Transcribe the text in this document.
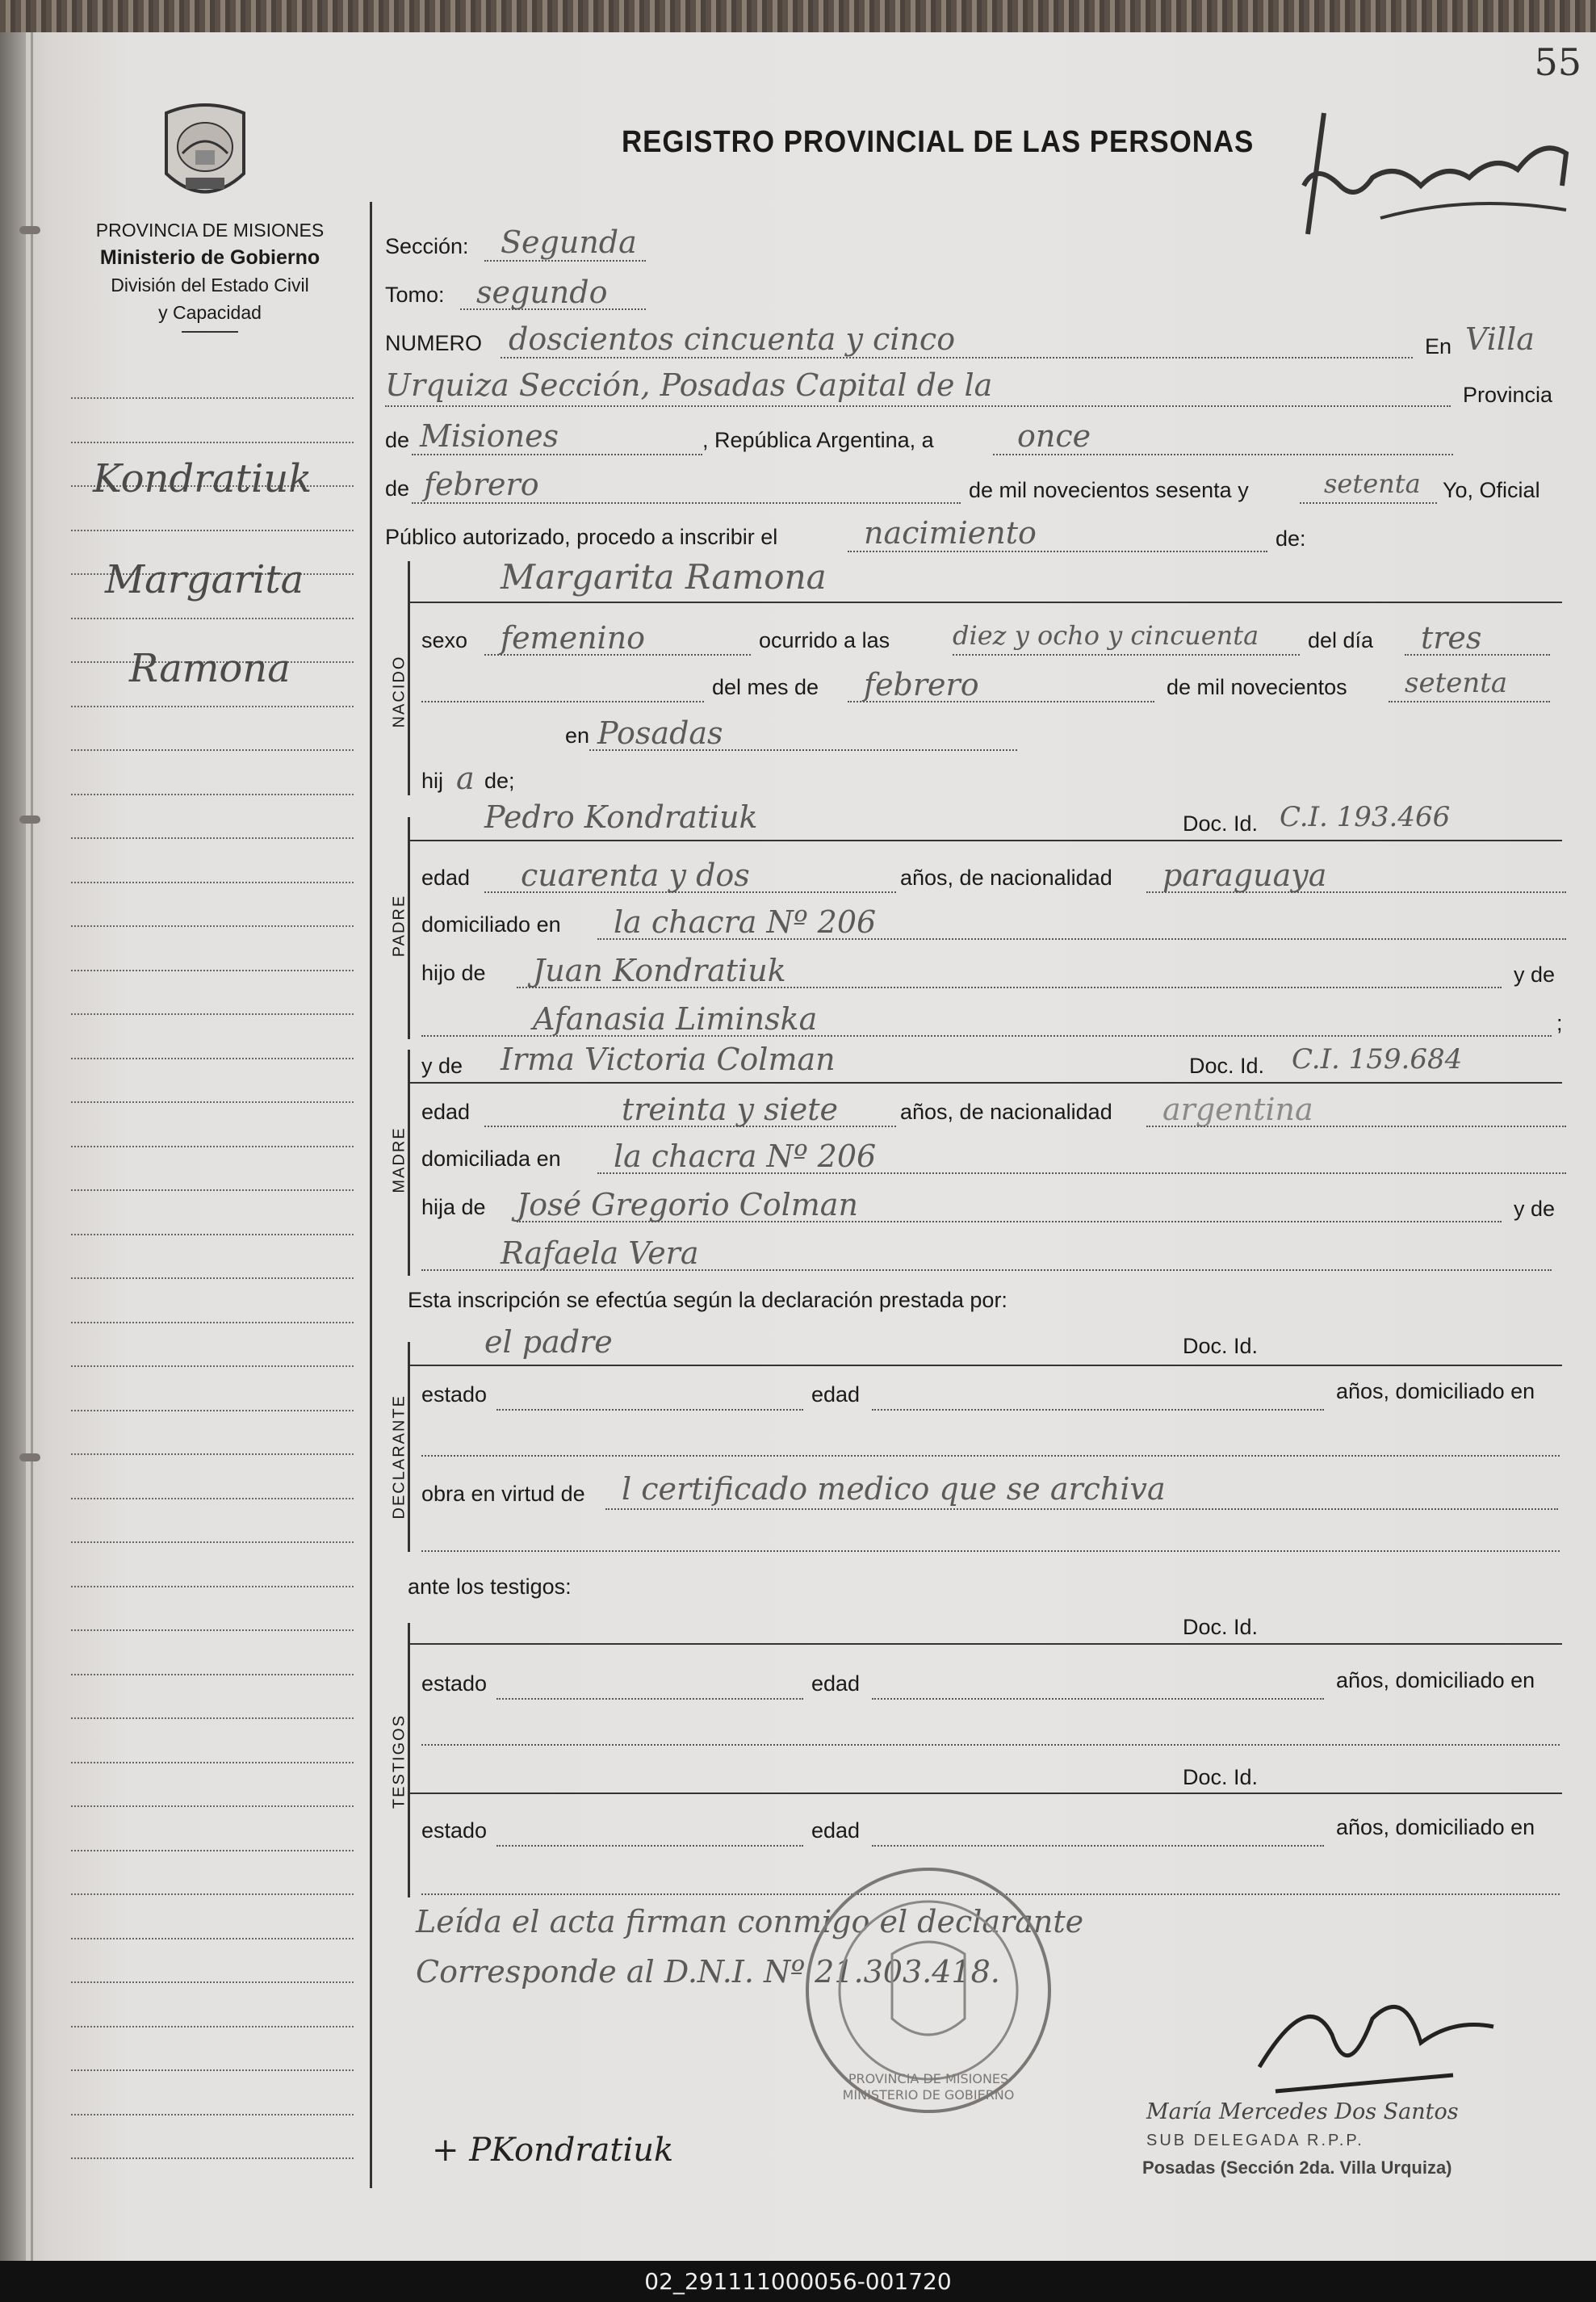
55
PROVINCIA DE MISIONES
Ministerio de Gobierno
División del Estado Civil
y Capacidad
REGISTRO PROVINCIAL DE LAS PERSONAS
Kondratiuk
Margarita
Ramona
Sección: Segunda
Tomo: segundo
NUMERO doscientos cincuenta y cinco	En Villa
Urquiza Sección, Posadas Capital de la	Provincia
de Misiones	, República Argentina, a	once
de febrero	de mil novecientos sesenta y	setenta Yo, Oficial
Público autorizado, procedo a inscribir el	nacimiento	de:
NACIDO
Margarita Ramona
sexo femenino	ocurrido a las diez y ocho y cincuenta del día tres
del mes de febrero	de mil novecientos setenta
en Posadas
hij a de;
Pedro Kondratiuk	Doc. Id. C.I. 193.466
PADRE
edad cuarenta y dos	años, de nacionalidad paraguaya
domiciliado en la chacra Nº 206
hijo de Juan Kondratiuk	y de
Afanasia Liminska	;
y de Irma Victoria Colman	Doc. Id. C.I. 159.684
MADRE
edad	treinta y siete	años, de nacionalidad argentina
domiciliada en la chacra Nº 206
hija de José Gregorio Colman	y de
Rafaela Vera
Esta inscripción se efectúa según la declaración prestada por:
el padre	Doc. Id.
DECLARANTE
estado	edad	años, domiciliado en
obra en virtud de l certificado medico que se archiva
ante los testigos:
Doc. Id.
TESTIGOS
estado	edad	años, domiciliado en
Doc. Id.
estado	edad	años, domiciliado en
Leída el acta firman conmigo el declarante
Corresponde al D.N.I. Nº 21.303.418.
MINISTERIO DE GOBIERNO
PROVINCIA DE MISIONES
María Mercedes Dos Santos
SUB DELEGADA R.P.P.
Posadas (Sección 2da. Villa Urquiza)
+ PKondratiuk
02_291111000056-001720
